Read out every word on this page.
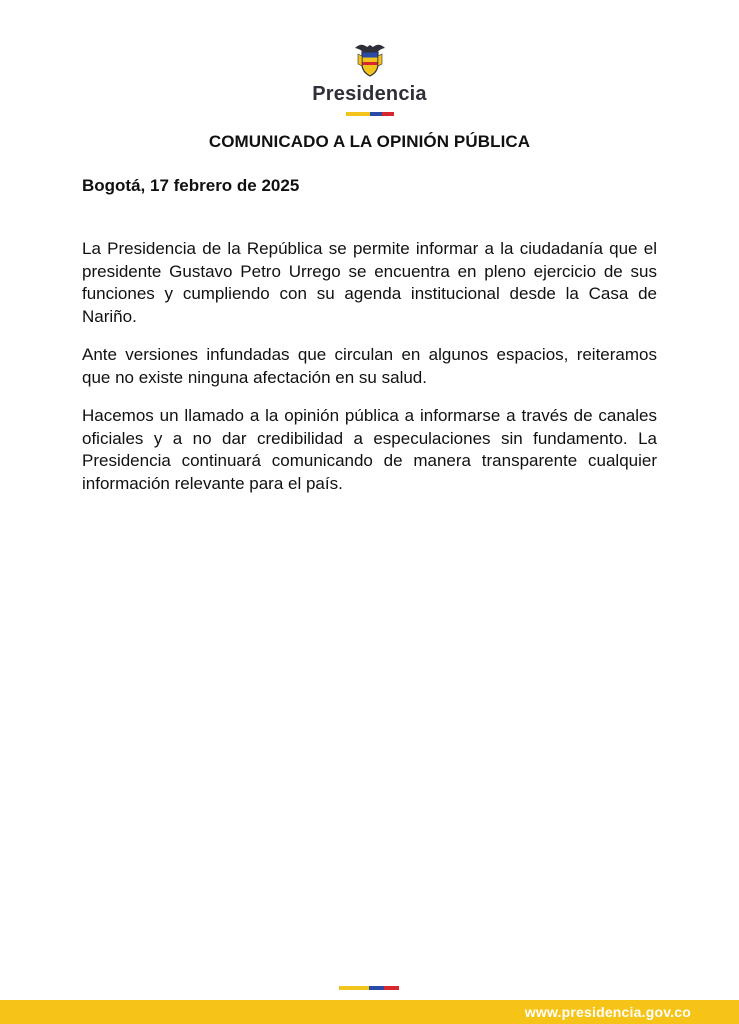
Presidencia
COMUNICADO A LA OPINIÓN PÚBLICA
Bogotá, 17 febrero de 2025
La Presidencia de la República se permite informar a la ciudadanía que el presidente Gustavo Petro Urrego se encuentra en pleno ejercicio de sus funciones y cumpliendo con su agenda institucional desde la Casa de Nariño.
Ante versiones infundadas que circulan en algunos espacios, reiteramos que no existe ninguna afectación en su salud.
Hacemos un llamado a la opinión pública a informarse a través de canales oficiales y a no dar credibilidad a especulaciones sin fundamento. La Presidencia continuará comunicando de manera transparente cualquier información relevante para el país.
www.presidencia.gov.co
